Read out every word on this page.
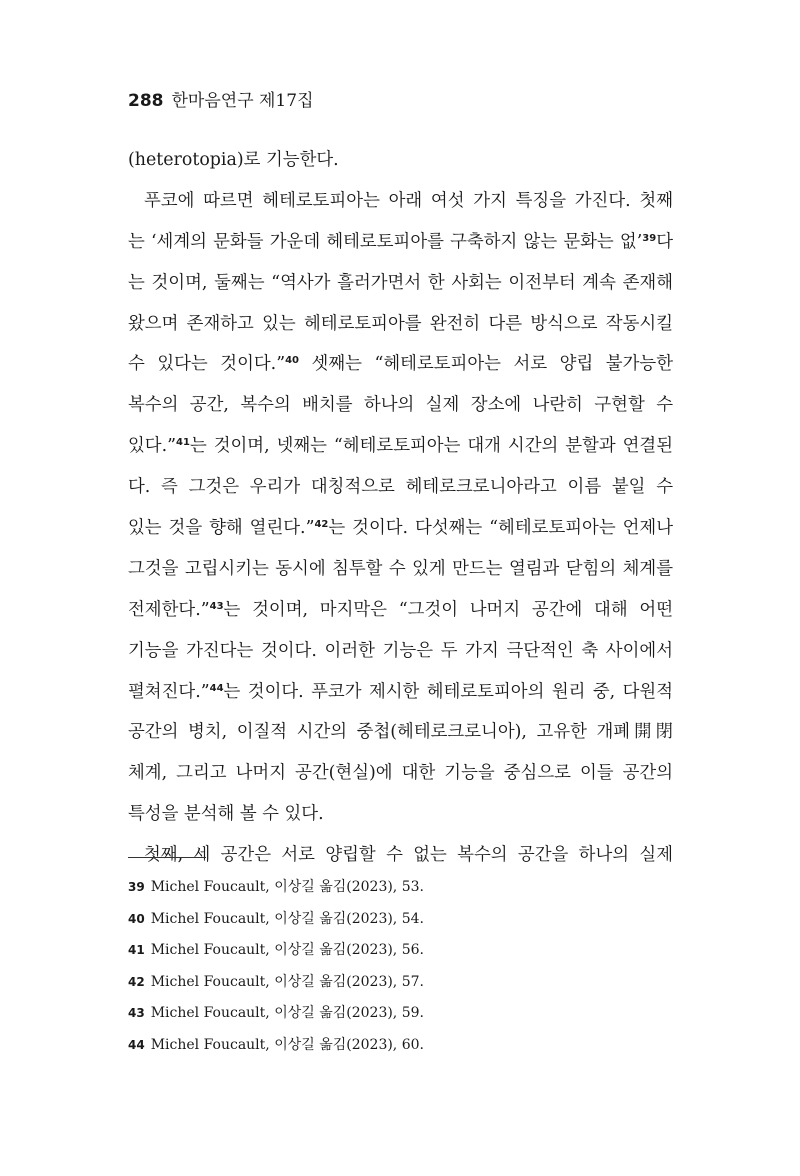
288 한마음연구 제17집
(heterotopia)로 기능한다.
푸코에 따르면 헤테로토피아는 아래 여섯 가지 특징을 가진다. 첫째
는 ‘세계의 문화들 가운데 헤테로토피아를 구축하지 않는 문화는 없’$^{39}$다
는 것이며, 둘째는 “역사가 흘러가면서 한 사회는 이전부터 계속 존재해
왔으며 존재하고 있는 헤테로토피아를 완전히 다른 방식으로 작동시킬
수 있다는 것이다.”$^{40}$ 셋째는 “헤테로토피아는 서로 양립 불가능한
복수의 공간, 복수의 배치를 하나의 실제 장소에 나란히 구현할 수
있다.”$^{41}$는 것이며, 넷째는 “헤테로토피아는 대개 시간의 분할과 연결된
다. 즉 그것은 우리가 대칭적으로 헤테로크로니아라고 이름 붙일 수
있는 것을 향해 열린다.”$^{42}$는 것이다. 다섯째는 “헤테로토피아는 언제나
그것을 고립시키는 동시에 침투할 수 있게 만드는 열림과 닫힘의 체계를
전제한다.”$^{43}$는 것이며, 마지막은 “그것이 나머지 공간에 대해 어떤
기능을 가진다는 것이다. 이러한 기능은 두 가지 극단적인 축 사이에서
펼쳐진다.”$^{44}$는 것이다. 푸코가 제시한 헤테로토피아의 원리 중, 다원적
공간의 병치, 이질적 시간의 중첩(헤테로크로니아), 고유한 개폐開閉
체계, 그리고 나머지 공간(현실)에 대한 기능을 중심으로 이들 공간의
특성을 분석해 볼 수 있다.
첫째, 세 공간은 서로 양립할 수 없는 복수의 공간을 하나의 실제
39 Michel Foucault, 이상길 옮김(2023), 53.
40 Michel Foucault, 이상길 옮김(2023), 54.
41 Michel Foucault, 이상길 옮김(2023), 56.
42 Michel Foucault, 이상길 옮김(2023), 57.
43 Michel Foucault, 이상길 옮김(2023), 59.
44 Michel Foucault, 이상길 옮김(2023), 60.
